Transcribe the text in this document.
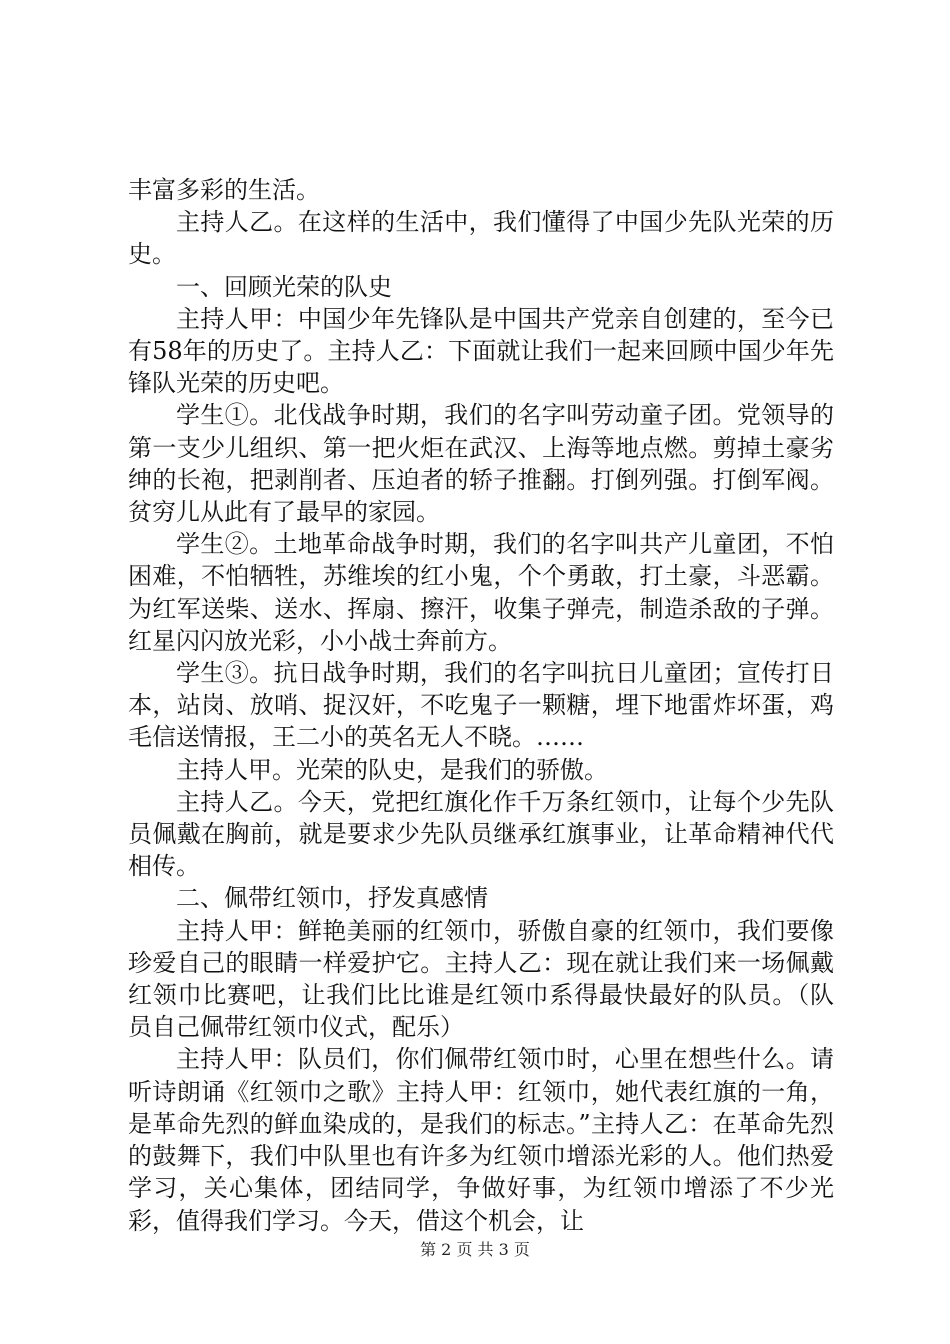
丰富多彩的生活。

主持人乙。在这样的生活中，我们懂得了中国少先队光荣的历史。

一、回顾光荣的队史

主持人甲：中国少年先锋队是中国共产党亲自创建的，至今已有58年的历史了。主持人乙：下面就让我们一起来回顾中国少年先锋队光荣的历史吧。

学生①。北伐战争时期，我们的名字叫劳动童子团。党领导的第一支少儿组织、第一把火炬在武汉、上海等地点燃。剪掉土豪劣绅的长袍，把剥削者、压迫者的轿子推翻。打倒列强。打倒军阀。贫穷儿从此有了最早的家园。

学生②。土地革命战争时期，我们的名字叫共产儿童团，不怕困难，不怕牺牲，苏维埃的红小鬼，个个勇敢，打土豪，斗恶霸。为红军送柴、送水、挥扇、擦汗，收集子弹壳，制造杀敌的子弹。红星闪闪放光彩，小小战士奔前方。

学生③。抗日战争时期，我们的名字叫抗日儿童团；宣传打日本，站岗、放哨、捉汉奸，不吃鬼子一颗糖，埋下地雷炸坏蛋，鸡毛信送情报，王二小的英名无人不晓。……

主持人甲。光荣的队史，是我们的骄傲。

主持人乙。今天，党把红旗化作千万条红领巾，让每个少先队员佩戴在胸前，就是要求少先队员继承红旗事业，让革命精神代代相传。

二、佩带红领巾，抒发真感情

主持人甲：鲜艳美丽的红领巾，骄傲自豪的红领巾，我们要像珍爱自己的眼睛一样爱护它。主持人乙：现在就让我们来一场佩戴红领巾比赛吧，让我们比比谁是红领巾系得最快最好的队员。（队员自己佩带红领巾仪式，配乐）

主持人甲：队员们，你们佩带红领巾时，心里在想些什么。请听诗朗诵《红领巾之歌》主持人甲：红领巾，她代表红旗的一角，是革命先烈的鲜血染成的，是我们的标志。”主持人乙：在革命先烈的鼓舞下，我们中队里也有许多为红领巾增添光彩的人。他们热爱学习，关心集体，团结同学，争做好事，为红领巾增添了不少光彩，值得我们学习。今天，借这个机会，让

第 2 页 共 3 页
